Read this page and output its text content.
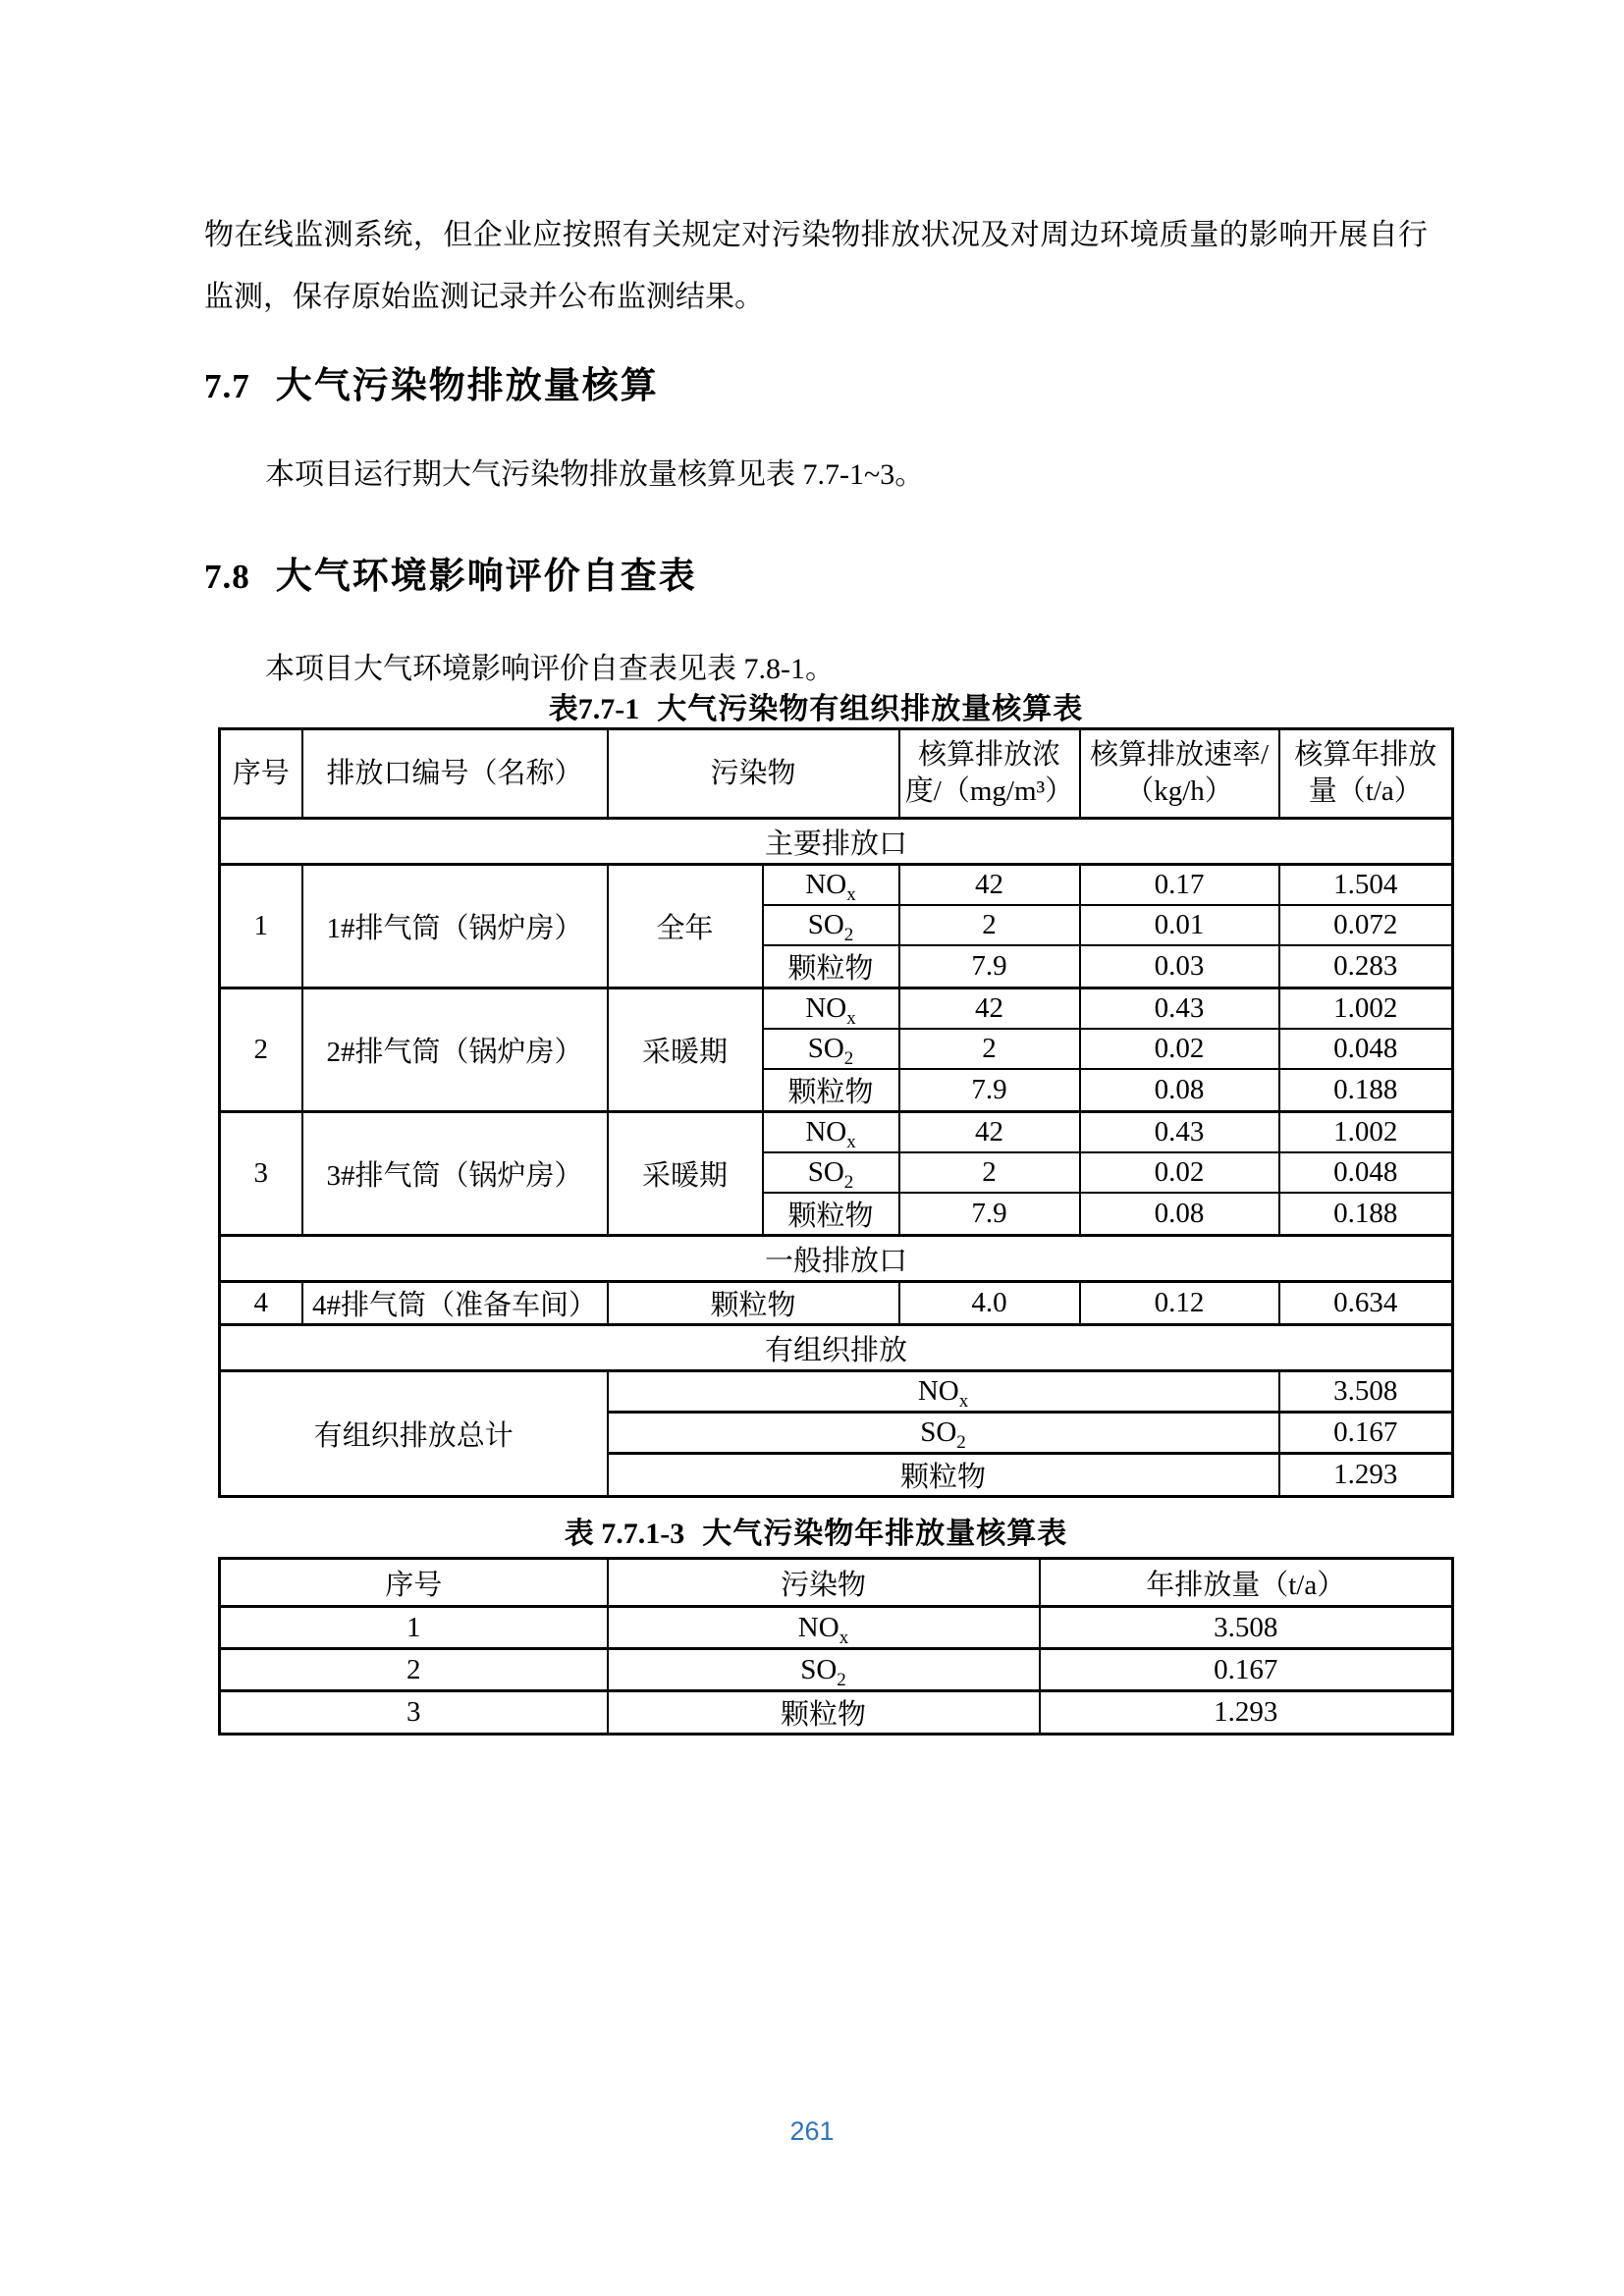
物在线监测系统，但企业应按照有关规定对污染物排放状况及对周边环境质量的影响开展自行监测，保存原始监测记录并公布监测结果。
7.7 大气污染物排放量核算
本项目运行期大气污染物排放量核算见表 7.7-1~3。
7.8 大气环境影响评价自查表
本项目大气环境影响评价自查表见表 7.8-1。
表7.7-1 大气污染物有组织排放量核算表
序号	排放口编号（名称）	污染物		核算排放浓度/（mg/m³）	核算排放速率/（kg/h）	核算年排放量（t/a）
主要排放口						
1	1#排气筒（锅炉房）	全年	$NO_x$	42	0.17	1.504
			$SO_2$	2	0.01	0.072
			颗粒物	7.9	0.03	0.283
2	2#排气筒（锅炉房）	采暖期	$NO_x$	42	0.43	1.002
			$SO_2$	2	0.02	0.048
			颗粒物	7.9	0.08	0.188
3	3#排气筒（锅炉房）	采暖期	$NO_x$	42	0.43	1.002
			$SO_2$	2	0.02	0.048
			颗粒物	7.9	0.08	0.188
一般排放口						
4	4#排气筒（准备车间）	颗粒物		4.0	0.12	0.634
有组织排放						
有组织排放总计		$NO_x$				3.508
		$SO_2$				0.167
		颗粒物				1.293
表 7.7.1-3 大气污染物年排放量核算表
序号	污染物	年排放量（t/a）
1	$NO_x$	3.508
2	$SO_2$	0.167
3	颗粒物	1.293
261
